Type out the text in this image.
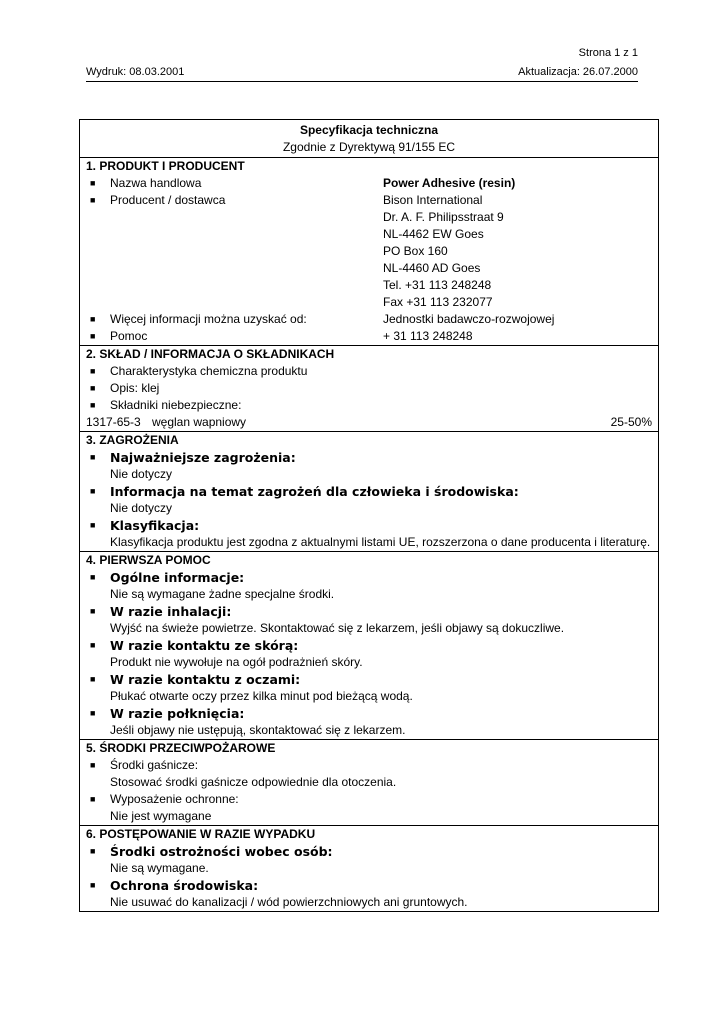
Strona 1 z 1
Wydruk: 08.03.2001	Aktualizacja: 26.07.2000
Specyfikacja techniczna
Zgodnie z Dyrektywą 91/155 EC
1. PRODUKT I PRODUCENT
■ Nazwa handlowa	Power Adhesive (resin)
■ Producent / dostawca	Bison International
Dr. A. F. Philipsstraat 9
NL-4462 EW Goes
PO Box 160
NL-4460 AD Goes
Tel. +31 113 248248
Fax +31 113 232077
■ Więcej informacji można uzyskać od:	Jednostki badawczo-rozwojowej
■ Pomoc	+ 31 113 248248
2. SKŁAD / INFORMACJA O SKŁADNIKACH
■ Charakterystyka chemiczna produktu
■ Opis: klej
■ Składniki niebezpieczne:
1317-65-3 węglan wapniowy	25-50%
3. ZAGROŻENIA
■ Najważniejsze zagrożenia:
Nie dotyczy
■ Informacja na temat zagrożeń dla człowieka i środowiska:
Nie dotyczy
■ Klasyfikacja:
Klasyfikacja produktu jest zgodna z aktualnymi listami UE, rozszerzona o dane producenta i literaturę.
4. PIERWSZA POMOC
■ Ogólne informacje:
Nie są wymagane żadne specjalne środki.
■ W razie inhalacji:
Wyjść na świeże powietrze. Skontaktować się z lekarzem, jeśli objawy są dokuczliwe.
■ W razie kontaktu ze skórą:
Produkt nie wywołuje na ogół podrażnień skóry.
■ W razie kontaktu z oczami:
Płukać otwarte oczy przez kilka minut pod bieżącą wodą.
■ W razie połknięcia:
Jeśli objawy nie ustępują, skontaktować się z lekarzem.
5. ŚRODKI PRZECIWPOŻAROWE
■ Środki gaśnicze:
Stosować środki gaśnicze odpowiednie dla otoczenia.
■ Wyposażenie ochronne:
Nie jest wymagane
6. POSTĘPOWANIE W RAZIE WYPADKU
■ Środki ostrożności wobec osób:
Nie są wymagane.
■ Ochrona środowiska:
Nie usuwać do kanalizacji / wód powierzchniowych ani gruntowych.
